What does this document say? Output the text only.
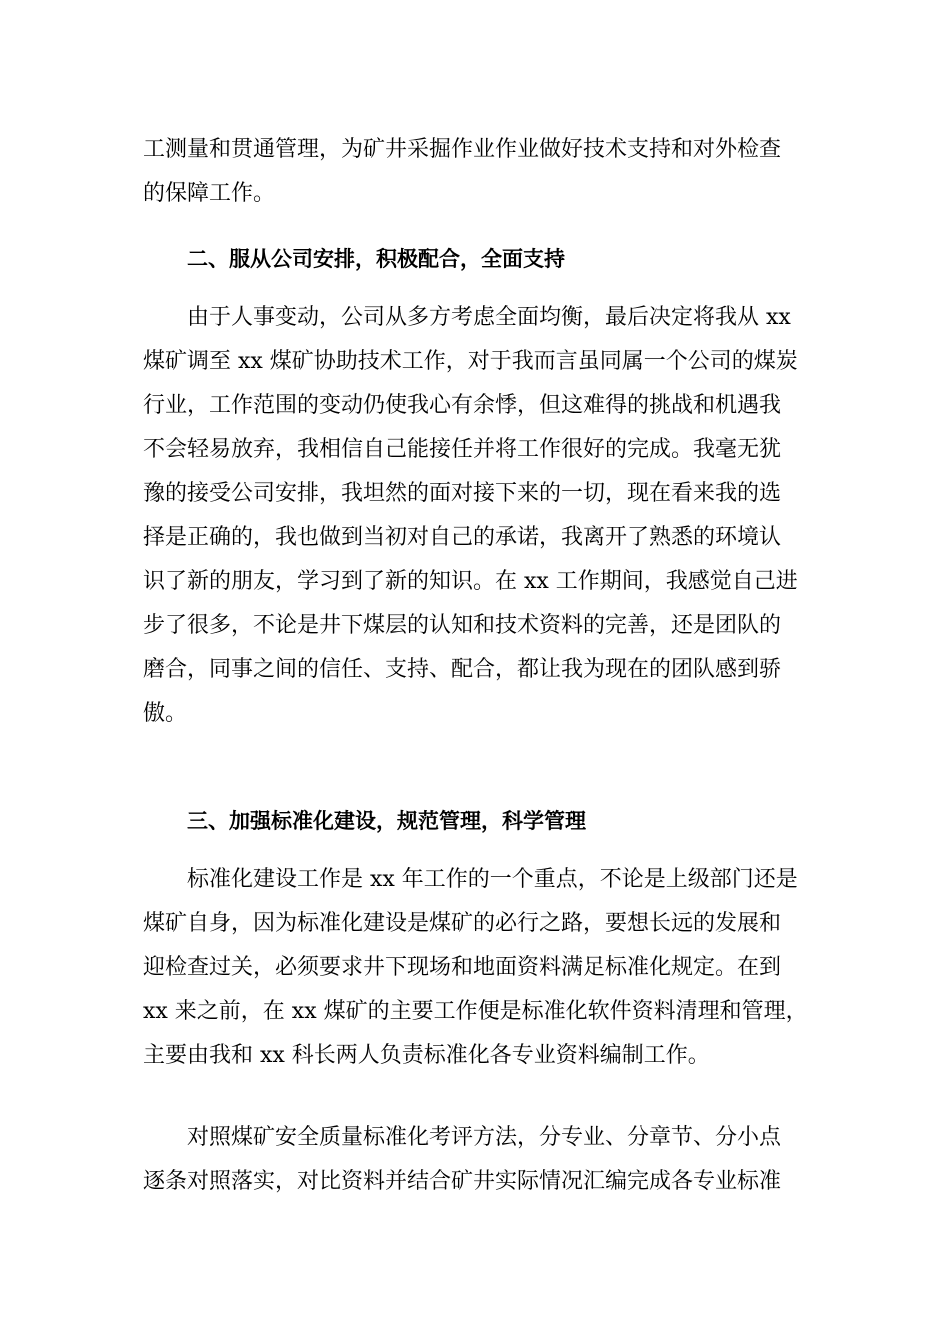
工测量和贯通管理，为矿井采掘作业作业做好技术支持和对外检查
的保障工作。

二、服从公司安排，积极配合，全面支持

由于人事变动，公司从多方考虑全面均衡，最后决定将我从 xx
煤矿调至 xx 煤矿协助技术工作，对于我而言虽同属一个公司的煤炭
行业，工作范围的变动仍使我心有余悸，但这难得的挑战和机遇我
不会轻易放弃，我相信自己能接任并将工作很好的完成。我毫无犹
豫的接受公司安排，我坦然的面对接下来的一切，现在看来我的选
择是正确的，我也做到当初对自己的承诺，我离开了熟悉的环境认
识了新的朋友，学习到了新的知识。在 xx 工作期间，我感觉自己进
步了很多，不论是井下煤层的认知和技术资料的完善，还是团队的
磨合，同事之间的信任、支持、配合，都让我为现在的团队感到骄
傲。

三、加强标准化建设，规范管理，科学管理

标准化建设工作是 xx 年工作的一个重点，不论是上级部门还是
煤矿自身，因为标准化建设是煤矿的必行之路，要想长远的发展和
迎检查过关，必须要求井下现场和地面资料满足标准化规定。在到
xx 来之前，在 xx 煤矿的主要工作便是标准化软件资料清理和管理，
主要由我和 xx 科长两人负责标准化各专业资料编制工作。

对照煤矿安全质量标准化考评方法，分专业、分章节、分小点
逐条对照落实，对比资料并结合矿井实际情况汇编完成各专业标准
